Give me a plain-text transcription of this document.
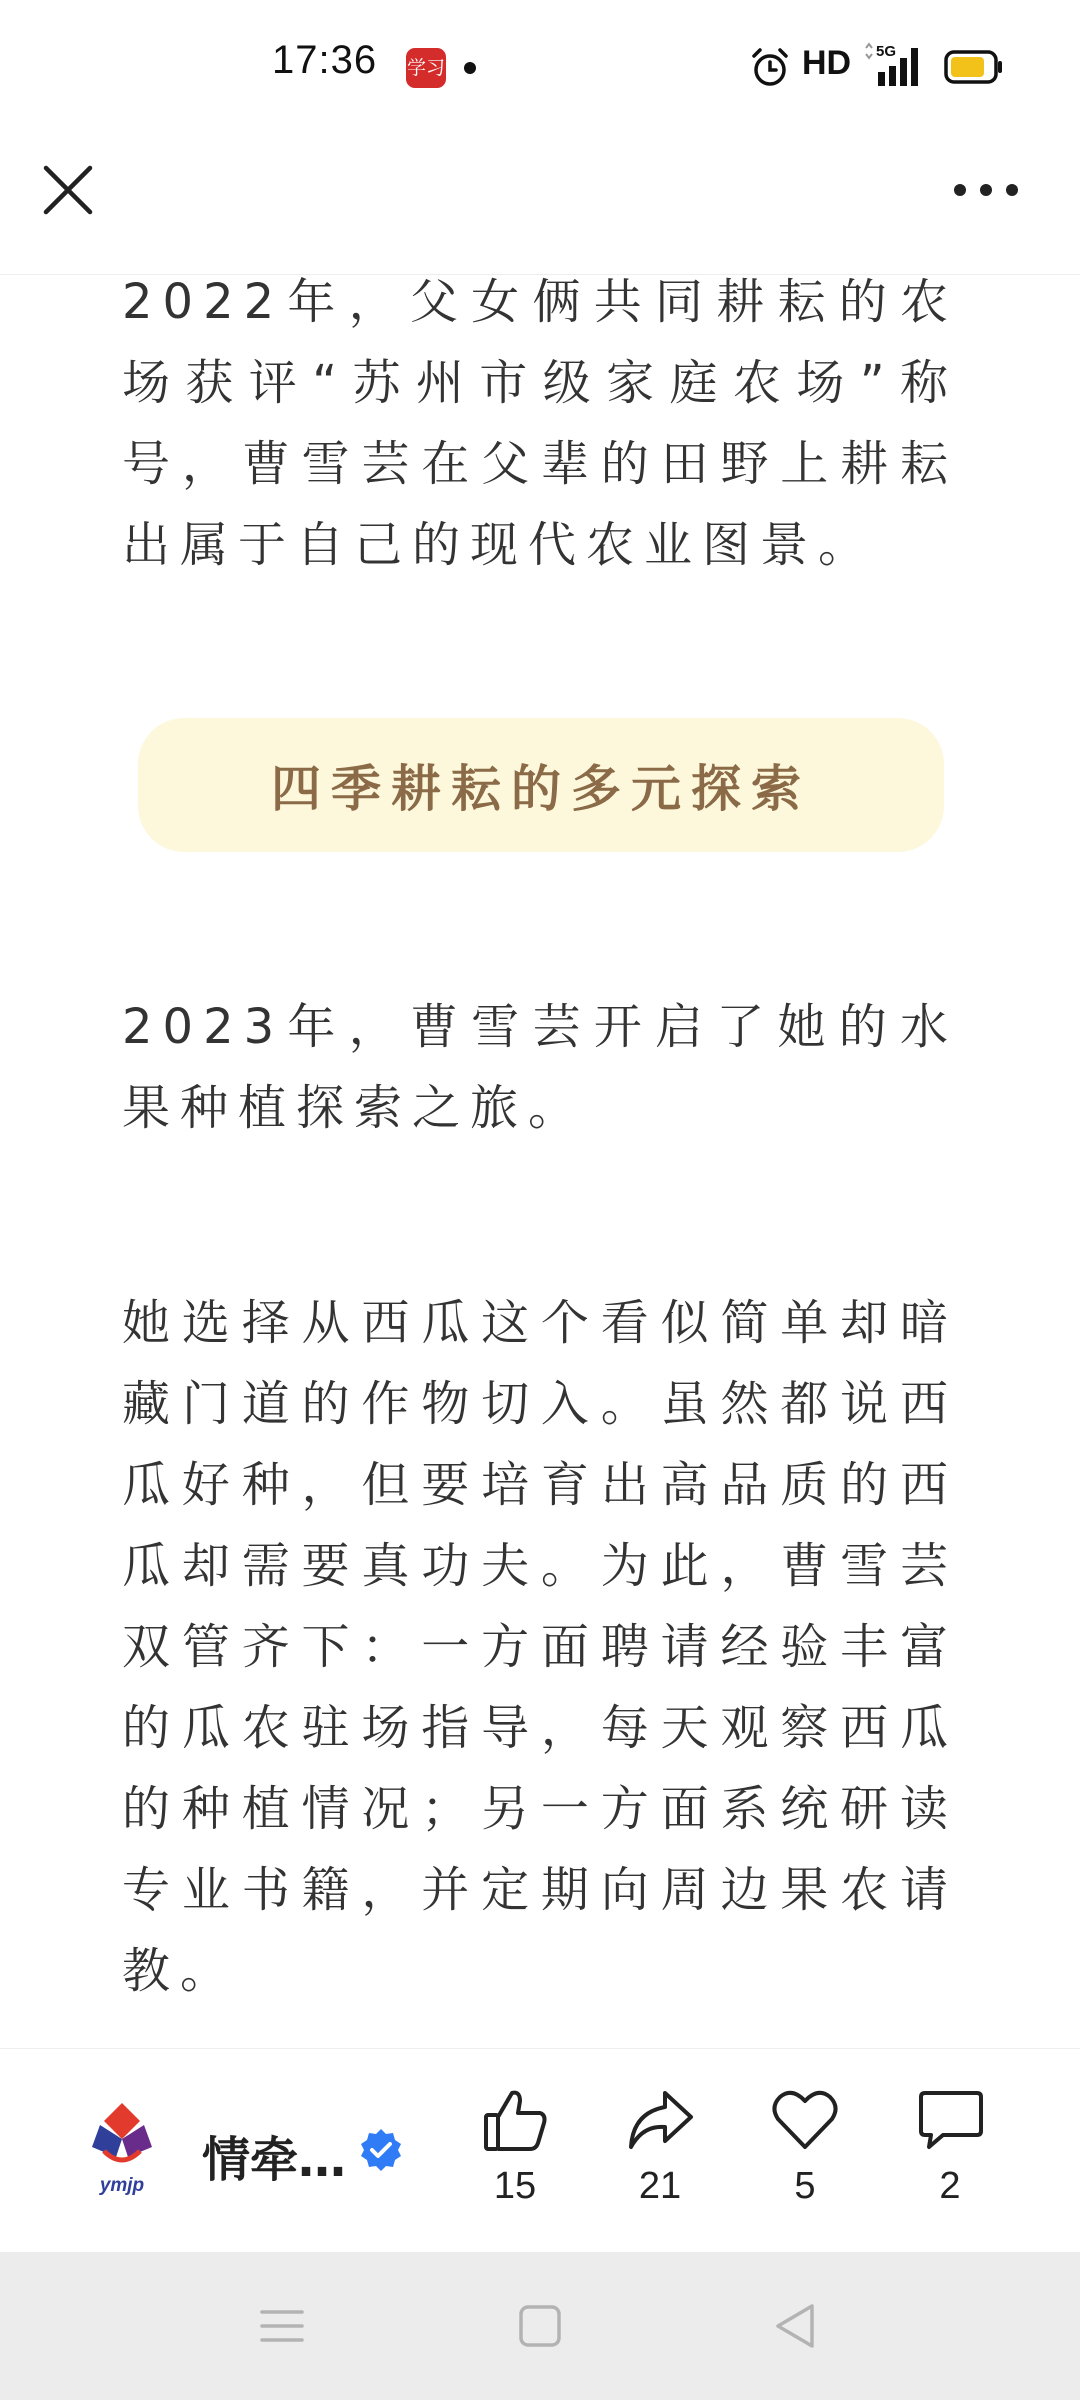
17:36 学习	HD 5G

2022年，父女俩共同耕耘的农场获评“苏州市级家庭农场”称号，曹雪芸在父辈的田野上耕耘出属于自己的现代农业图景。

四季耕耘的多元探索

2023年，曹雪芸开启了她的水果种植探索之旅。

她选择从西瓜这个看似简单却暗藏门道的作物切入。虽然都说西瓜好种，但要培育出高品质的西瓜却需要真功夫。为此，曹雪芸双管齐下：一方面聘请经验丰富的瓜农驻场指导，每天观察西瓜的种植情况；另一方面系统研读专业书籍，并定期向周边果农请教。

ymjp 情牵…	15	21	5	2
